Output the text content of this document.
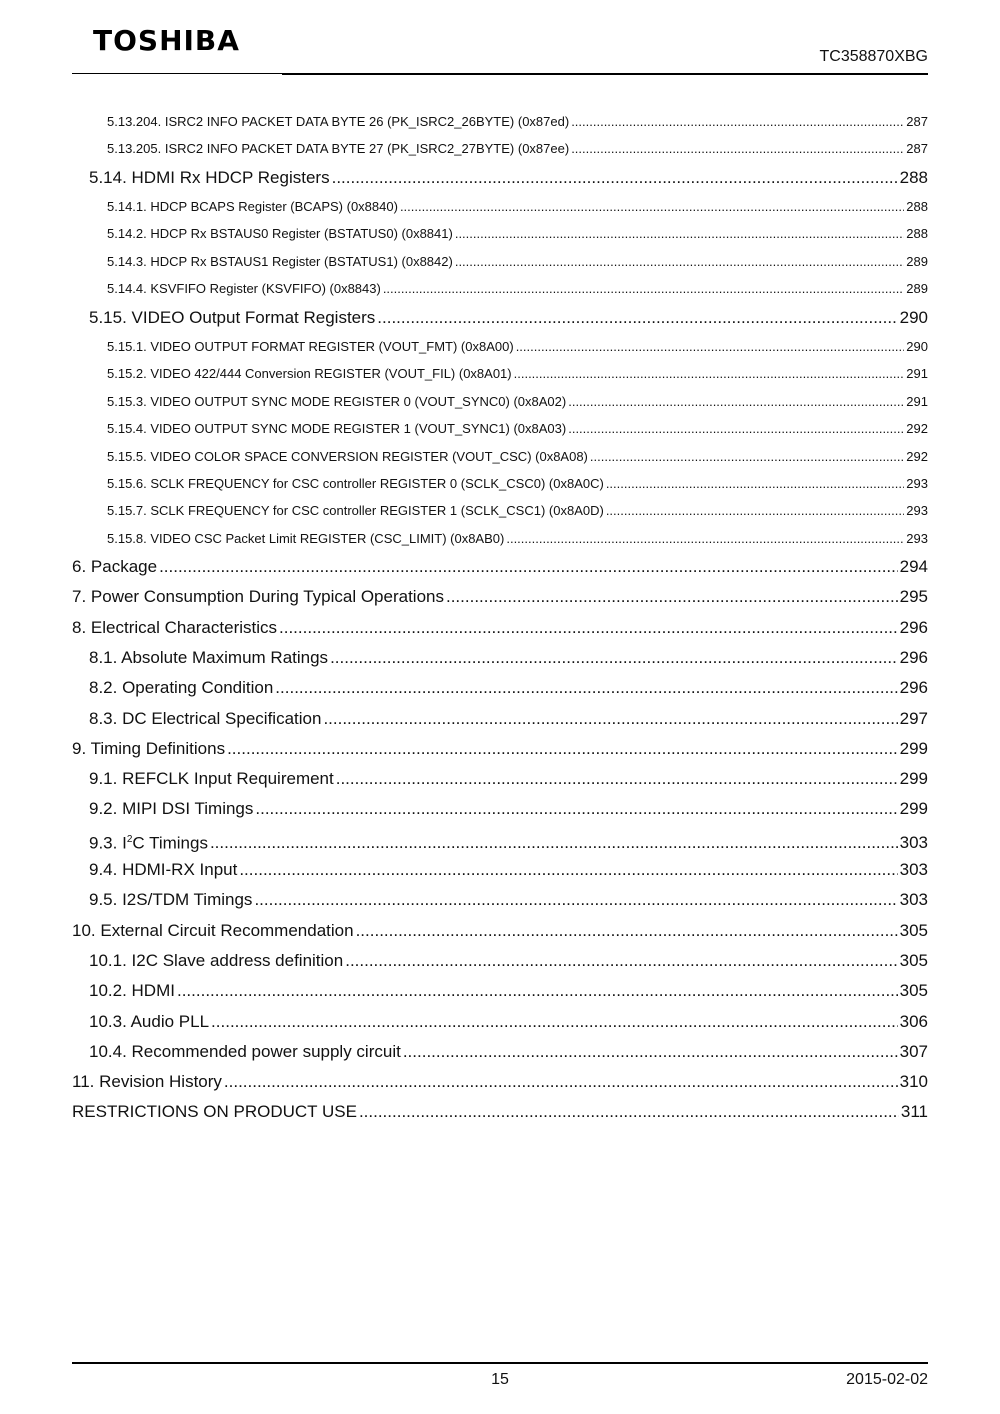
TOSHIBA	TC358870XBG
5.13.204. ISRC2 INFO PACKET DATA BYTE 26 (PK_ISRC2_26BYTE) (0x87ed) .....	287
5.13.205. ISRC2 INFO PACKET DATA BYTE 27 (PK_ISRC2_27BYTE) (0x87ee) .....	287
5.14. HDMI Rx HDCP Registers .....	288
5.14.1. HDCP BCAPS Register (BCAPS) (0x8840) .....	288
5.14.2. HDCP Rx BSTAUS0 Register (BSTATUS0) (0x8841) .....	288
5.14.3. HDCP Rx BSTAUS1 Register (BSTATUS1) (0x8842) .....	289
5.14.4. KSVFIFO Register (KSVFIFO) (0x8843) .....	289
5.15. VIDEO Output Format Registers .....	290
5.15.1. VIDEO OUTPUT FORMAT REGISTER (VOUT_FMT) (0x8A00) .....	290
5.15.2. VIDEO 422/444 Conversion REGISTER (VOUT_FIL) (0x8A01) .....	291
5.15.3. VIDEO OUTPUT SYNC MODE REGISTER 0 (VOUT_SYNC0) (0x8A02) .....	291
5.15.4. VIDEO OUTPUT SYNC MODE REGISTER 1 (VOUT_SYNC1) (0x8A03) .....	292
5.15.5. VIDEO COLOR SPACE CONVERSION REGISTER (VOUT_CSC) (0x8A08) .....	292
5.15.6. SCLK FREQUENCY for CSC controller REGISTER 0 (SCLK_CSC0) (0x8A0C) .....	293
5.15.7. SCLK FREQUENCY for CSC controller REGISTER 1 (SCLK_CSC1) (0x8A0D) .....	293
5.15.8. VIDEO CSC Packet Limit REGISTER (CSC_LIMIT) (0x8AB0) .....	293
6. Package .....	294
7. Power Consumption During Typical Operations .....	295
8. Electrical Characteristics .....	296
8.1. Absolute Maximum Ratings .....	296
8.2. Operating Condition .....	296
8.3. DC Electrical Specification .....	297
9. Timing Definitions .....	299
9.1. REFCLK Input Requirement .....	299
9.2. MIPI DSI Timings .....	299
9.3. $I^2C$ Timings .....	303
9.4. HDMI-RX Input .....	303
9.5. I2S/TDM Timings .....	303
10. External Circuit Recommendation .....	305
10.1. I2C Slave address definition .....	305
10.2. HDMI .....	305
10.3. Audio PLL .....	306
10.4. Recommended power supply circuit .....	307
11. Revision History .....	310
RESTRICTIONS ON PRODUCT USE .....	311
15	2015-02-02
